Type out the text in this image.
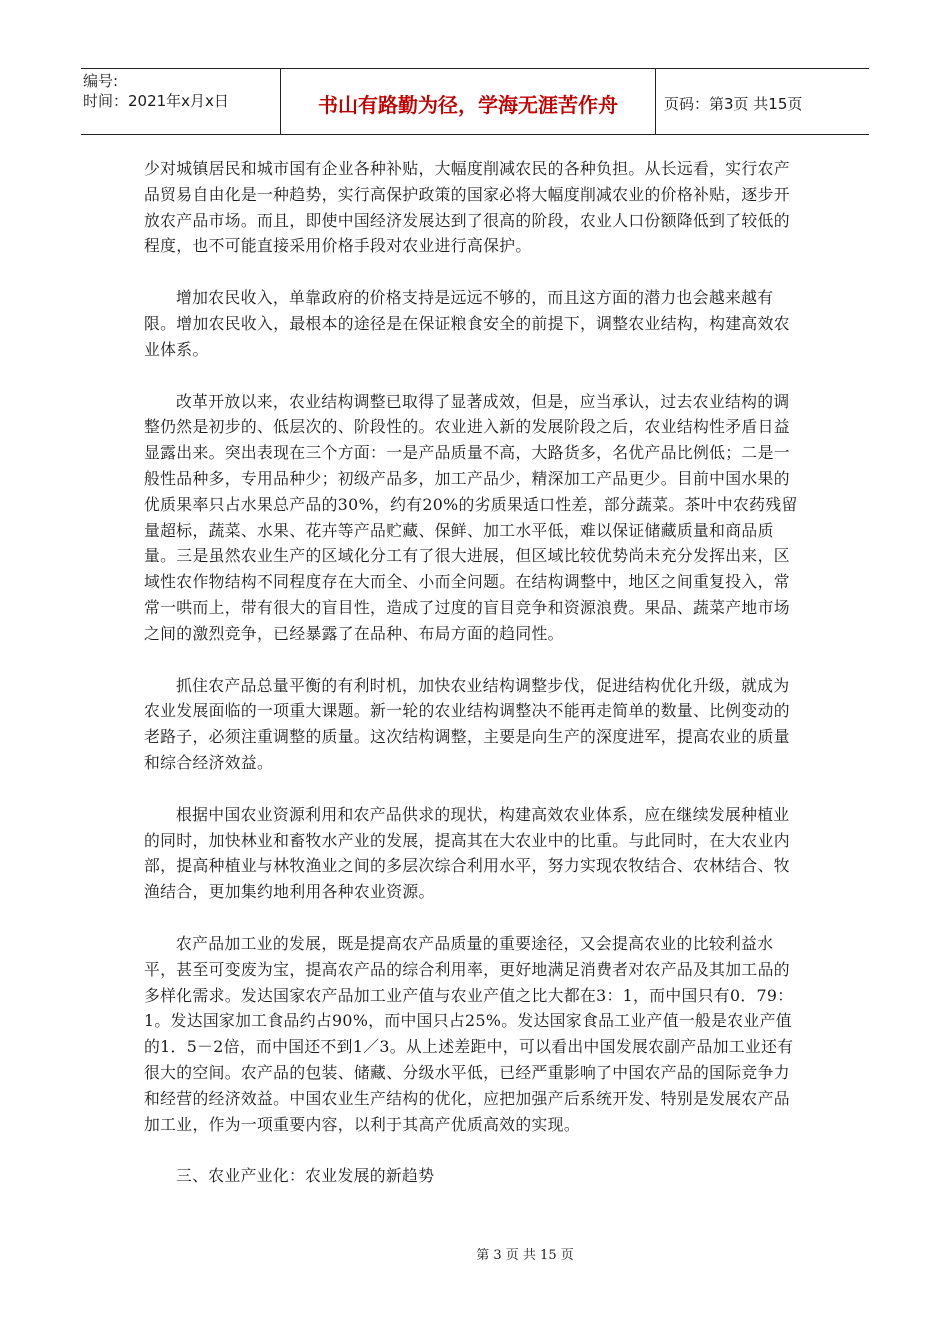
编号:
时间：2021年x月x日	书山有路勤为径，学海无涯苦作舟	页码：第3页 共15页

少对城镇居民和城市国有企业各种补贴，大幅度削减农民的各种负担。从长远看，实行农产品贸易自由化是一种趋势，实行高保护政策的国家必将大幅度削减农业的价格补贴，逐步开放农产品市场。而且，即使中国经济发展达到了很高的阶段，农业人口份额降低到了较低的程度，也不可能直接采用价格手段对农业进行高保护。

增加农民收入，单靠政府的价格支持是远远不够的，而且这方面的潜力也会越来越有限。增加农民收入，最根本的途径是在保证粮食安全的前提下，调整农业结构，构建高效农业体系。

改革开放以来，农业结构调整已取得了显著成效，但是，应当承认，过去农业结构的调整仍然是初步的、低层次的、阶段性的。农业进入新的发展阶段之后，农业结构性矛盾日益显露出来。突出表现在三个方面：一是产品质量不高，大路货多，名优产品比例低；二是一般性品种多，专用品种少；初级产品多，加工产品少，精深加工产品更少。目前中国水果的优质果率只占水果总产品的30%，约有20%的劣质果适口性差，部分蔬菜。茶叶中农药残留量超标，蔬菜、水果、花卉等产品贮藏、保鲜、加工水平低，难以保证储藏质量和商品质量。三是虽然农业生产的区域化分工有了很大进展，但区域比较优势尚未充分发挥出来，区域性农作物结构不同程度存在大而全、小而全问题。在结构调整中，地区之间重复投入，常常一哄而上，带有很大的盲目性，造成了过度的盲目竞争和资源浪费。果品、蔬菜产地市场之间的激烈竞争，已经暴露了在品种、布局方面的趋同性。

抓住农产品总量平衡的有利时机，加快农业结构调整步伐，促进结构优化升级，就成为农业发展面临的一项重大课题。新一轮的农业结构调整决不能再走简单的数量、比例变动的老路子，必须注重调整的质量。这次结构调整，主要是向生产的深度进军，提高农业的质量和综合经济效益。

根据中国农业资源利用和农产品供求的现状，构建高效农业体系，应在继续发展种植业的同时，加快林业和畜牧水产业的发展，提高其在大农业中的比重。与此同时，在大农业内部，提高种植业与林牧渔业之间的多层次综合利用水平，努力实现农牧结合、农林结合、牧渔结合，更加集约地利用各种农业资源。

农产品加工业的发展，既是提高农产品质量的重要途径，又会提高农业的比较利益水平，甚至可变废为宝，提高农产品的综合利用率，更好地满足消费者对农产品及其加工品的多样化需求。发达国家农产品加工业产值与农业产值之比大都在3：1，而中国只有0．79：1。发达国家加工食品约占90%，而中国只占25%。发达国家食品工业产值一般是农业产值的1．5－2倍，而中国还不到1／3。从上述差距中，可以看出中国发展农副产品加工业还有很大的空间。农产品的包装、储藏、分级水平低，已经严重影响了中国农产品的国际竞争力和经营的经济效益。中国农业生产结构的优化，应把加强产后系统开发、特别是发展农产品加工业，作为一项重要内容，以利于其高产优质高效的实现。

三、农业产业化：农业发展的新趋势

第 3 页 共 15 页
